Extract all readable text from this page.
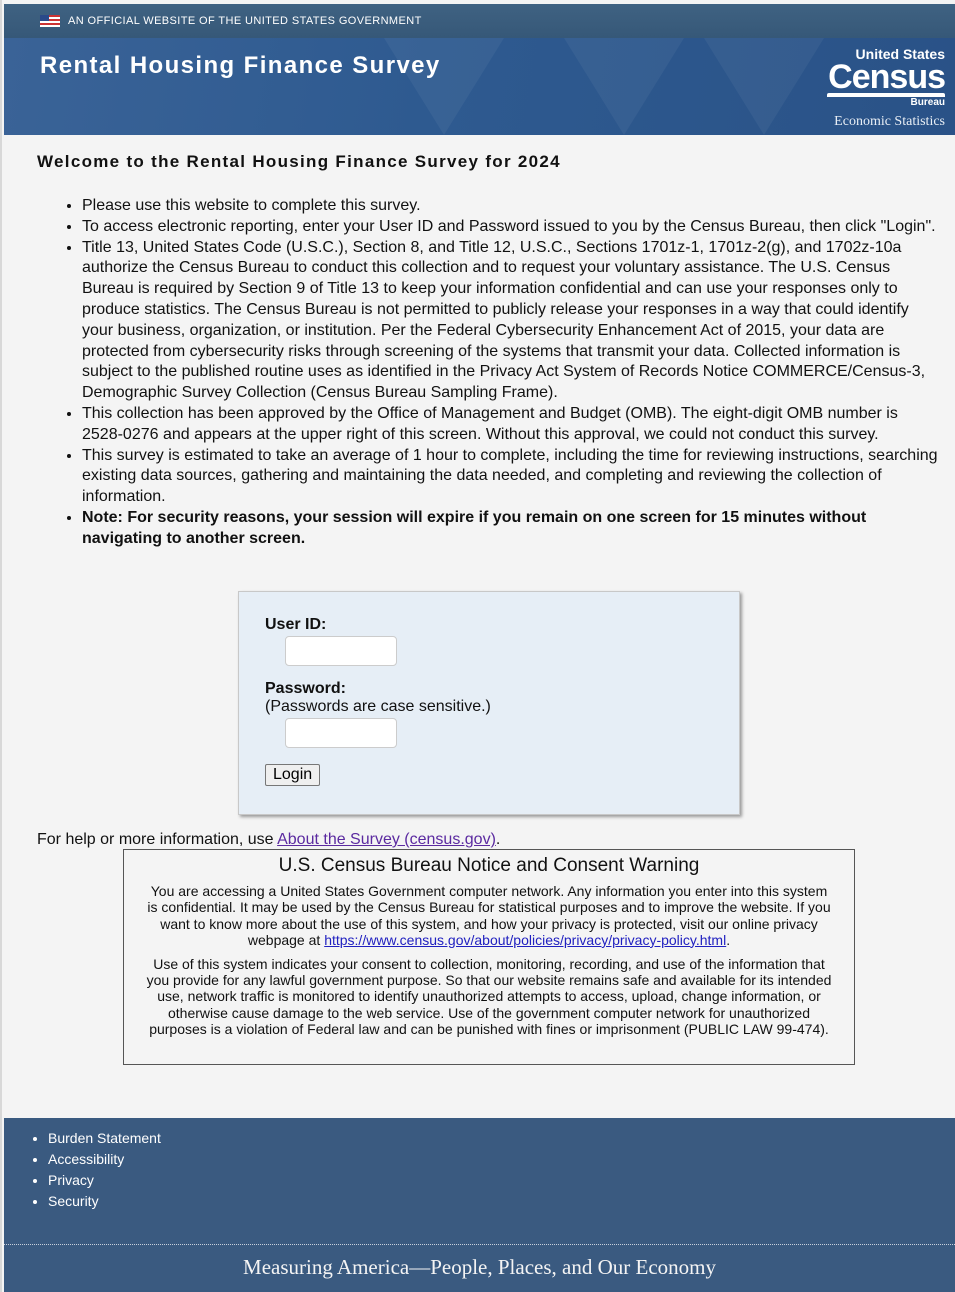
AN OFFICIAL WEBSITE OF THE UNITED STATES GOVERNMENT
Rental Housing Finance Survey	United States
Census
Bureau
Economic Statistics
Welcome to the Rental Housing Finance Survey for 2024
• Please use this website to complete this survey.
• To access electronic reporting, enter your User ID and Password issued to you by the Census Bureau, then click "Login".
• Title 13, United States Code (U.S.C.), Section 8, and Title 12, U.S.C., Sections 1701z-1, 1701z-2(g), and 1702z-10a authorize the Census Bureau to conduct this collection and to request your voluntary assistance. The U.S. Census Bureau is required by Section 9 of Title 13 to keep your information confidential and can use your responses only to produce statistics. The Census Bureau is not permitted to publicly release your responses in a way that could identify your business, organization, or institution. Per the Federal Cybersecurity Enhancement Act of 2015, your data are protected from cybersecurity risks through screening of the systems that transmit your data. Collected information is subject to the published routine uses as identified in the Privacy Act System of Records Notice COMMERCE/Census-3, Demographic Survey Collection (Census Bureau Sampling Frame).
• This collection has been approved by the Office of Management and Budget (OMB). The eight-digit OMB number is 2528-0276 and appears at the upper right of this screen. Without this approval, we could not conduct this survey.
• This survey is estimated to take an average of 1 hour to complete, including the time for reviewing instructions, searching existing data sources, gathering and maintaining the data needed, and completing and reviewing the collection of information.
• Note: For security reasons, your session will expire if you remain on one screen for 15 minutes without navigating to another screen.
User ID:
Password:
(Passwords are case sensitive.)
Login
For help or more information, use About the Survey (census.gov).
U.S. Census Bureau Notice and Consent Warning

You are accessing a United States Government computer network. Any information you enter into this system is confidential. It may be used by the Census Bureau for statistical purposes and to improve the website. If you want to know more about the use of this system, and how your privacy is protected, visit our online privacy webpage at https://www.census.gov/about/policies/privacy/privacy-policy.html.

Use of this system indicates your consent to collection, monitoring, recording, and use of the information that you provide for any lawful government purpose. So that our website remains safe and available for its intended use, network traffic is monitored to identify unauthorized attempts to access, upload, change information, or otherwise cause damage to the web service. Use of the government computer network for unauthorized purposes is a violation of Federal law and can be punished with fines or imprisonment (PUBLIC LAW 99-474).

• Burden Statement
• Accessibility
• Privacy
• Security
Measuring America—People, Places, and Our Economy
